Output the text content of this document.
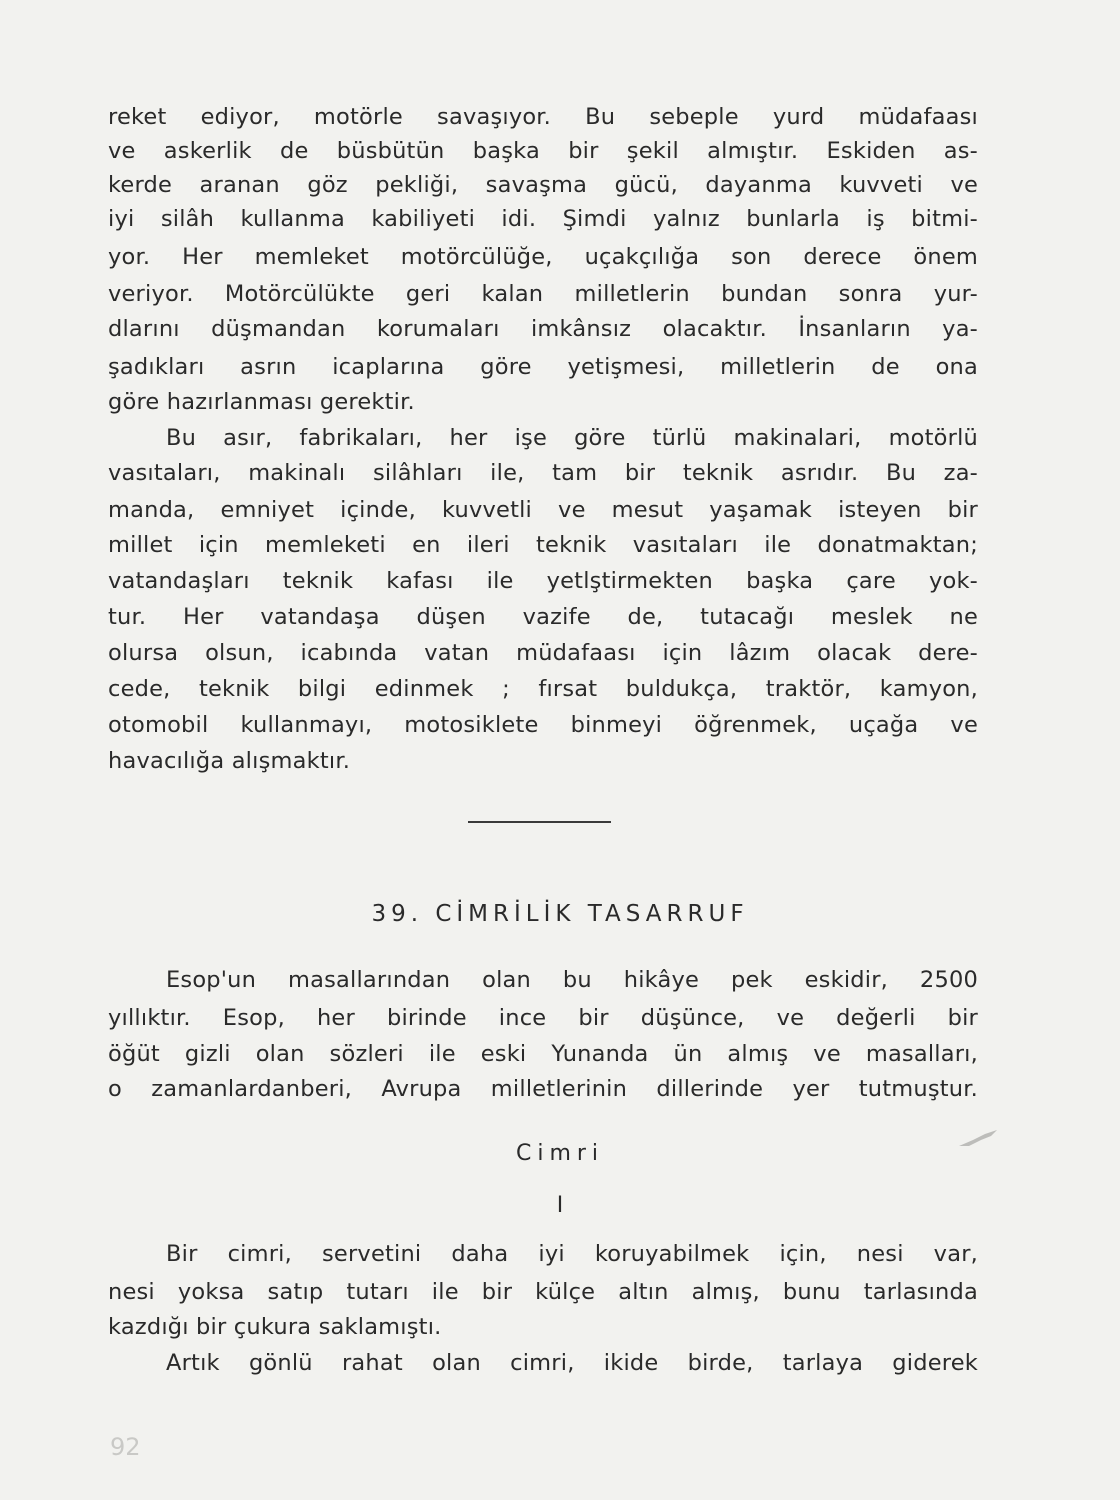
reket ediyor, motörle savaşıyor. Bu sebeple yurd müdafaası
ve askerlik de büsbütün başka bir şekil almıştır. Eskiden as-
kerde aranan göz pekliği, savaşma gücü, dayanma kuvveti ve
iyi silâh kullanma kabiliyeti idi. Şimdi yalnız bunlarla iş bitmi-
yor. Her memleket motörcülüğe, uçakçılığa son derece önem
veriyor. Motörcülükte geri kalan milletlerin bundan sonra yur-
dlarını düşmandan korumaları imkânsız olacaktır. İnsanların ya-
şadıkları asrın icaplarına göre yetişmesi, milletlerin de ona
göre hazırlanması gerektir.
Bu asır, fabrikaları, her işe göre türlü makinalari, motörlü
vasıtaları, makinalı silâhları ile, tam bir teknik asrıdır. Bu za-
manda, emniyet içinde, kuvvetli ve mesut yaşamak isteyen bir
millet için memleketi en ileri teknik vasıtaları ile donatmaktan;
vatandaşları teknik kafası ile yetlştirmekten başka çare yok-
tur. Her vatandaşa düşen vazife de, tutacağı meslek ne
olursa olsun, icabında vatan müdafaası için lâzım olacak dere-
cede, teknik bilgi edinmek ; fırsat buldukça, traktör, kamyon,
otomobil kullanmayı, motosiklete binmeyi öğrenmek, uçağa ve
havacılığa alışmaktır.
39. CİMRİLİK TASARRUF
Esop'un masallarından olan bu hikâye pek eskidir, 2500
yıllıktır. Esop, her birinde ince bir düşünce, ve değerli bir
öğüt gizli olan sözleri ile eski Yunanda ün almış ve masalları,
o zamanlardanberi, Avrupa milletlerinin dillerinde yer tutmuştur.
Cimri
I
Bir cimri, servetini daha iyi koruyabilmek için, nesi var,
nesi yoksa satıp tutarı ile bir külçe altın almış, bunu tarlasında
kazdığı bir çukura saklamıştı.
Artık gönlü rahat olan cimri, ikide birde, tarlaya giderek
92
